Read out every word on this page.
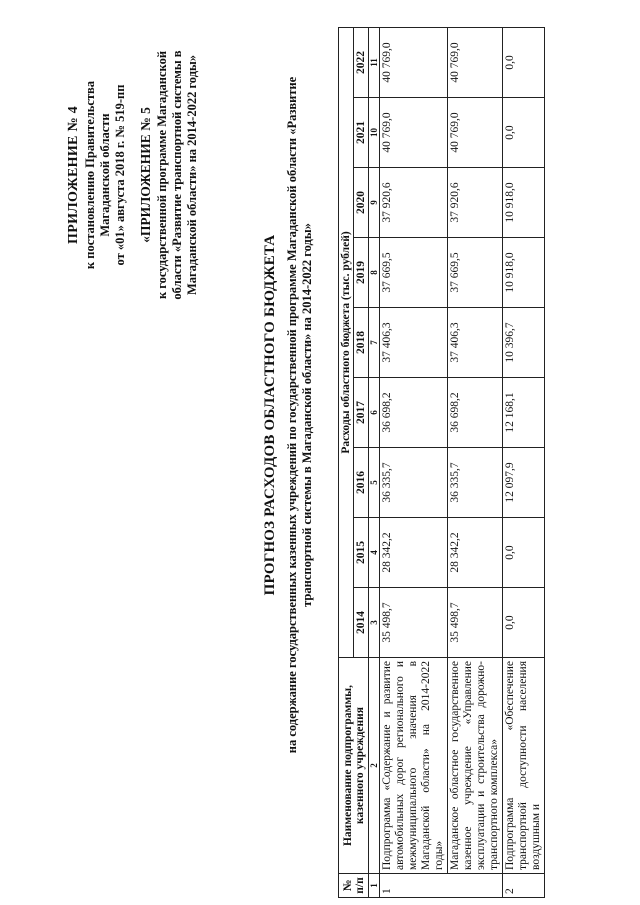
ПРИЛОЖЕНИЕ № 4 к постановлению Правительства Магаданской области от «01» августа 2018 г. № 519-пп «ПРИЛОЖЕНИЕ № 5 к государственной программе Магаданской области «Развитие транспортной системы в Магаданской области» на 2014-2022 годы»
ПРОГНОЗ РАСХОДОВ ОБЛАСТНОГО БЮДЖЕТА на содержание государственных казенных учреждений по государственной программе Магаданской области «Развитие транспортной системы в Магаданской области» на 2014-2022 годы»
№ п/п	Наименование подпрограммы, казенного учреждения	Расходы областного бюджета (тыс. рублей)								
		2014	2015	2016	2017	2018	2019	2020	2021	2022
1	2	3	4	5	6	7	8	9	10	11
1	Подпрограмма «Содержание и развитие автомобильных дорог регионального и межмуниципального значения в Магаданской области» на 2014-2022 годы»	35 498,7	28 342,2	36 335,7	36 698,2	37 406,3	37 669,5	37 920,6	40 769,0	40 769,0
	Магаданское областное государственное казенное учреждение «Управление эксплуатации и строительства дорожно-транспортного комплекса»	35 498,7	28 342,2	36 335,7	36 698,2	37 406,3	37 669,5	37 920,6	40 769,0	40 769,0
2	Подпрограмма «Обеспечение транспортной доступности населения воздушным и	0,0	0,0	12 097,9	12 168,1	10 396,7	10 918,0	10 918,0	0,0	0,0
